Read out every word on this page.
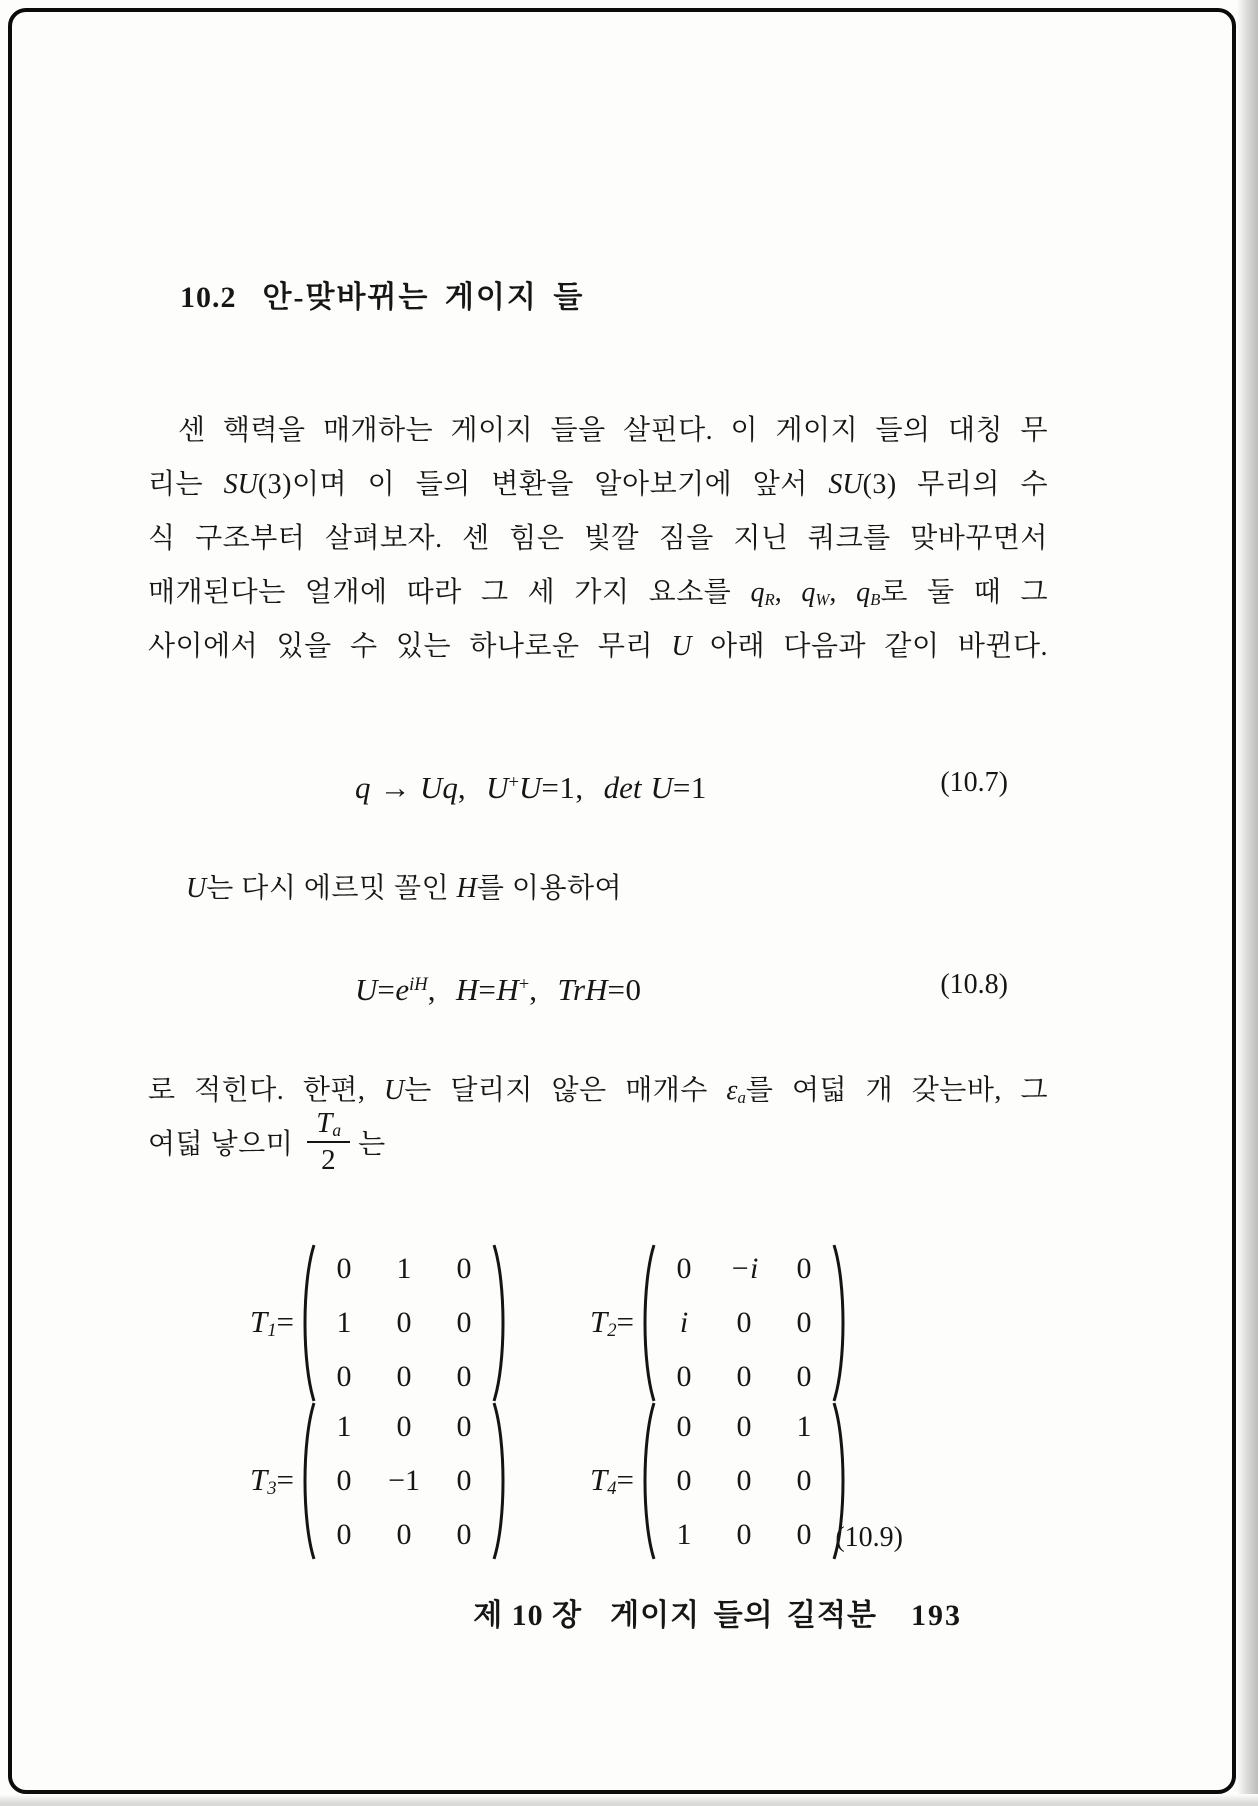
10.2 안-맞바뀌는 게이지 들
센 핵력을 매개하는 게이지 들을 살핀다. 이 게이지 들의 대칭 무
리는 SU(3)이며 이 들의 변환을 알아보기에 앞서 SU(3) 무리의 수
식 구조부터 살펴보자. 센 힘은 빛깔 짐을 지닌 쿼크를 맞바꾸면서
매개된다는 얼개에 따라 그 세 가지 요소를 $q_R$, $q_W$, $q_B$로 둘 때 그
사이에서 있을 수 있는 하나로운 무리 U 아래 다음과 같이 바뀐다.
q → Uq, U+U=1, det U=1	(10.7)
U는 다시 에르밋 꼴인 H를 이용하여
$U=e^{iH}$, H=H+, TrH=0	(10.8)
로 적힌다. 한편, U는 달리지 않은 매개수 $\varepsilon_a$를 여덟 개 갖는바, 그
여덟 낳으미 $\frac{T_a}{2}$ 는
$T_1=$
0	1	0
1	0	0
0	0	0
$T_2=$
0	−i	0
i	0	0
0	0	0
$T_3=$
1	0	0
0	−1	0
0	0	0
$T_4=$
0	0	1
0	0	0
1	0	0 (10.9)
제 10 장 게이지 들의 길적분 193
